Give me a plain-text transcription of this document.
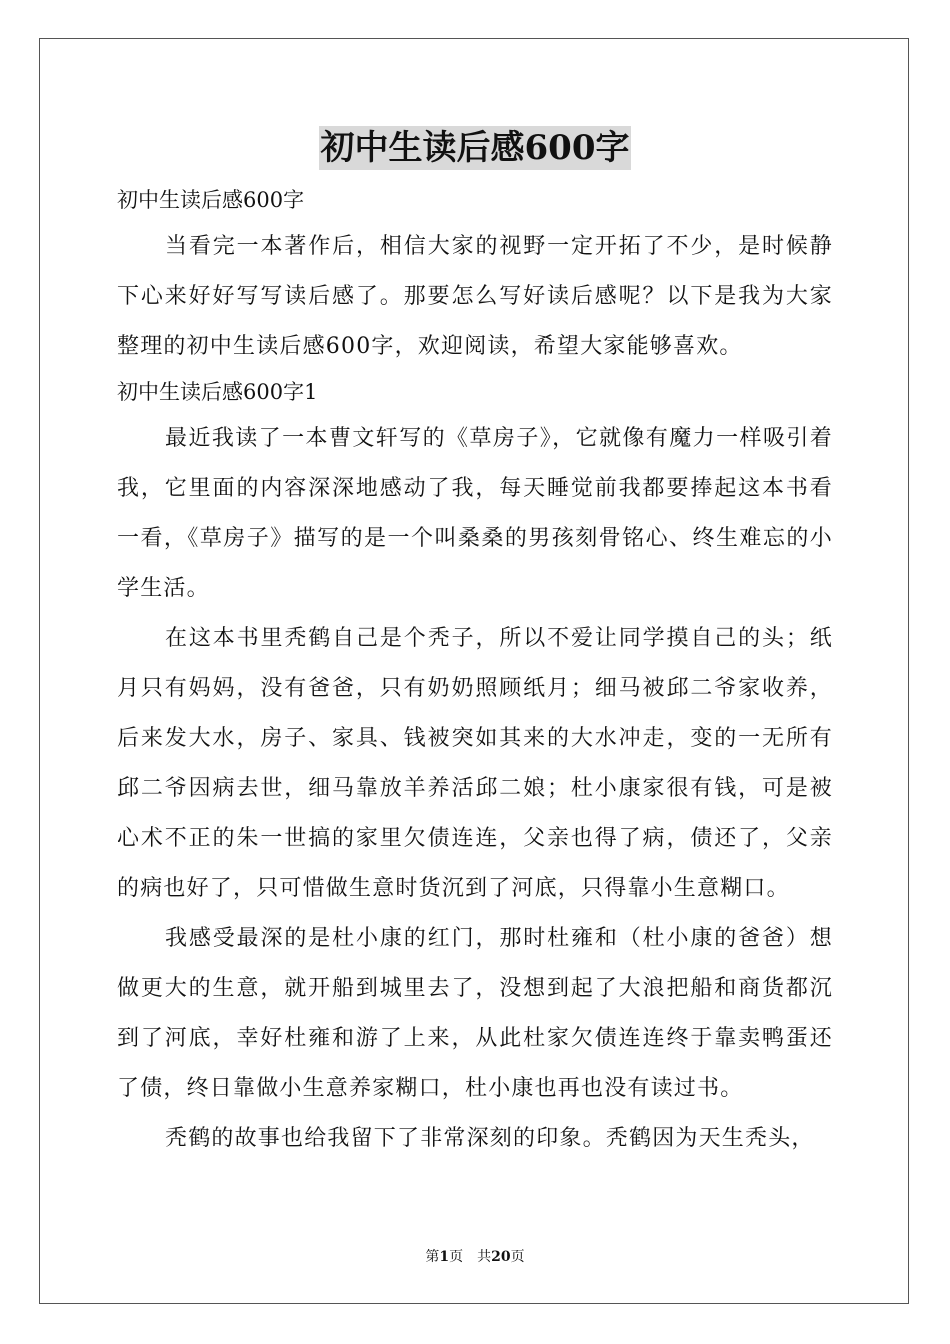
初中生读后感600字
初中生读后感600字

当看完一本著作后，相信大家的视野一定开拓了不少，是时候静下心来好好写写读后感了。那要怎么写好读后感呢？以下是我为大家整理的初中生读后感600字，欢迎阅读，希望大家能够喜欢。

初中生读后感600字1

最近我读了一本曹文轩写的《草房子》，它就像有魔力一样吸引着我，它里面的内容深深地感动了我，每天睡觉前我都要捧起这本书看一看，《草房子》描写的是一个叫桑桑的男孩刻骨铭心、终生难忘的小学生活。

在这本书里秃鹤自己是个秃子，所以不爱让同学摸自己的头；纸月只有妈妈，没有爸爸，只有奶奶照顾纸月；细马被邱二爷家收养，后来发大水，房子、家具、钱被突如其来的大水冲走，变的一无所有邱二爷因病去世，细马靠放羊养活邱二娘；杜小康家很有钱，可是被心术不正的朱一世搞的家里欠债连连，父亲也得了病，债还了，父亲的病也好了，只可惜做生意时货沉到了河底，只得靠小生意糊口。

我感受最深的是杜小康的红门，那时杜雍和（杜小康的爸爸）想做更大的生意，就开船到城里去了，没想到起了大浪把船和商货都沉到了河底，幸好杜雍和游了上来，从此杜家欠债连连终于靠卖鸭蛋还了债，终日靠做小生意养家糊口，杜小康也再也没有读过书。

秃鹤的故事也给我留下了非常深刻的印象。秃鹤因为天生秃头，

第1页 共20页
